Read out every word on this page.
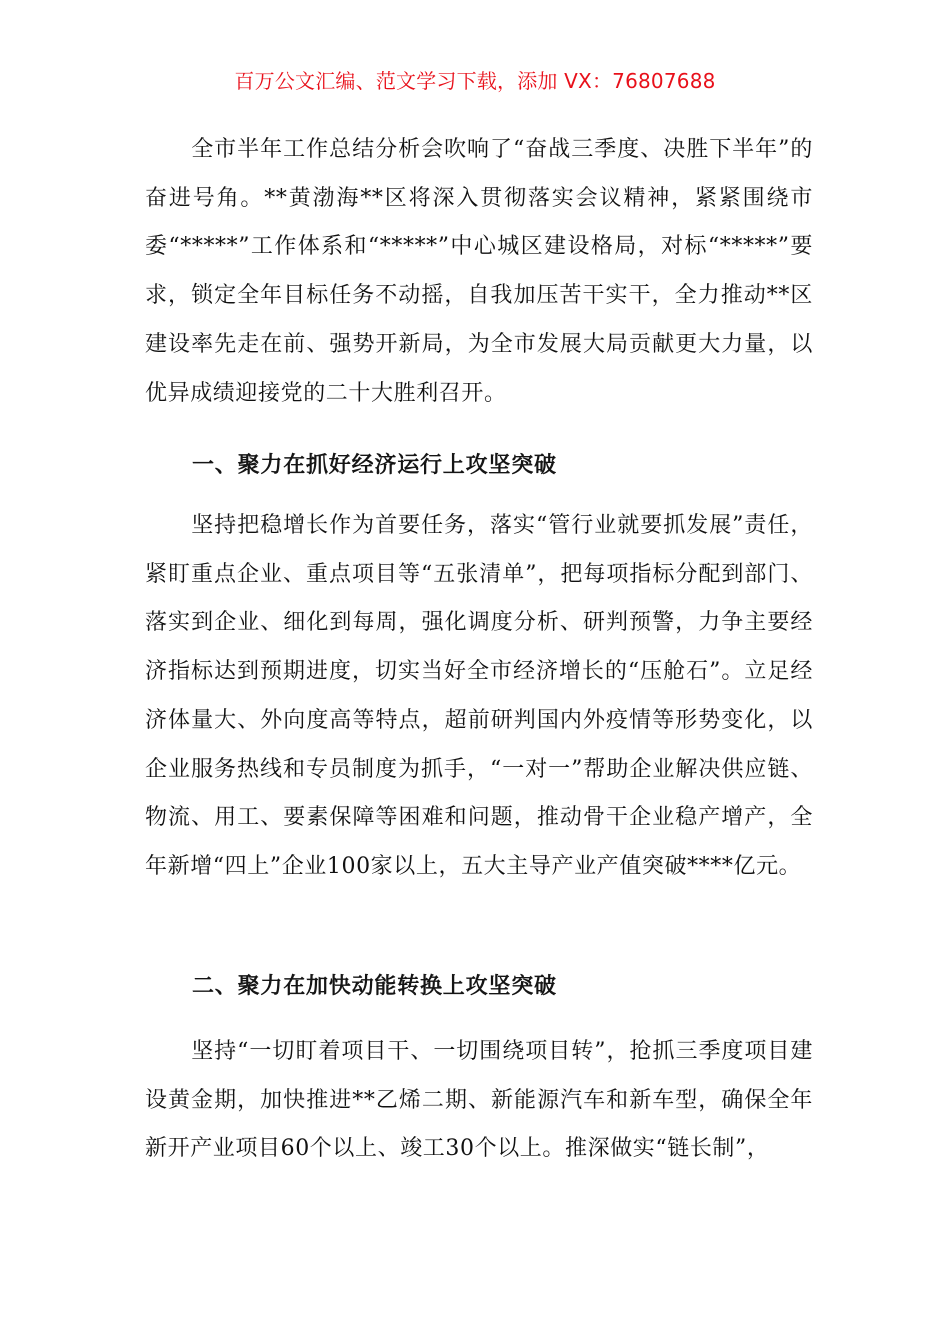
百万公文汇编、范文学习下载，添加 VX：76807688

全市半年工作总结分析会吹响了“奋战三季度、决胜下半年”的奋进号角。**黄渤海**区将深入贯彻落实会议精神，紧紧围绕市委“*****”工作体系和“*****”中心城区建设格局，对标“*****”要求，锁定全年目标任务不动摇，自我加压苦干实干，全力推动**区建设率先走在前、强势开新局，为全市发展大局贡献更大力量，以优异成绩迎接党的二十大胜利召开。

一、聚力在抓好经济运行上攻坚突破

坚持把稳增长作为首要任务，落实“管行业就要抓发展”责任，紧盯重点企业、重点项目等“五张清单”，把每项指标分配到部门、落实到企业、细化到每周，强化调度分析、研判预警，力争主要经济指标达到预期进度，切实当好全市经济增长的“压舱石”。立足经济体量大、外向度高等特点，超前研判国内外疫情等形势变化，以企业服务热线和专员制度为抓手，“一对一”帮助企业解决供应链、物流、用工、要素保障等困难和问题，推动骨干企业稳产增产，全年新增“四上”企业100家以上，五大主导产业产值突破****亿元。

二、聚力在加快动能转换上攻坚突破

坚持“一切盯着项目干、一切围绕项目转”，抢抓三季度项目建设黄金期，加快推进**乙烯二期、新能源汽车和新车型，确保全年新开产业项目60个以上、竣工30个以上。推深做实“链长制”，
